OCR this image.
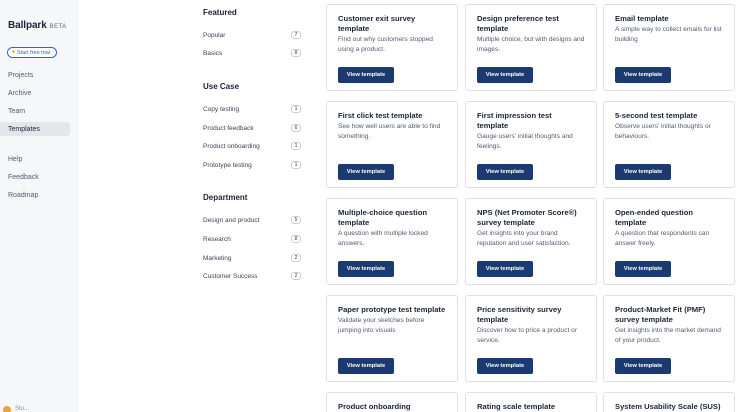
Ballpark BETA
✦ Start free trial
Projects
Archive
Team
Templates
Help
Feedback
Roadmap
Stu...
Featured
Popular	7
Basics	8
Use Case
Copy testing	1
Product feedback	6
Product onboarding	1
Prototype testing	1
Department
Design and product	5
Research	8
Marketing	2
Customer Success	2
Customer exit survey template
Find out why customers stopped using a product.
View template
Design preference test template
Multiple choice, but with designs and images.
View template
Email template
A simple way to collect emails for list building
View template
First click test template
See how well users are able to find something.
View template
First impression test template
Gauge users' initial thoughts and feelings.
View template
5-second test template
Observe users' initial thoughts or behaviours.
View template
Multiple-choice question template
A question with multiple locked answers.
View template
NPS (Net Promoter Score®) survey template
Get insights into your brand reputation and user satisfaction.
View template
Open-ended question template
A question that respondents can answer freely.
View template
Paper prototype test template
Validate your sketches before jumping into visuals
View template
Price sensitivity survey template
Discover how to price a product or service.
View template
Product-Market Fit (PMF) survey template
Get insights into the market demand of your product.
View template
Product onboarding	Rating scale template	System Usability Scale (SUS)
